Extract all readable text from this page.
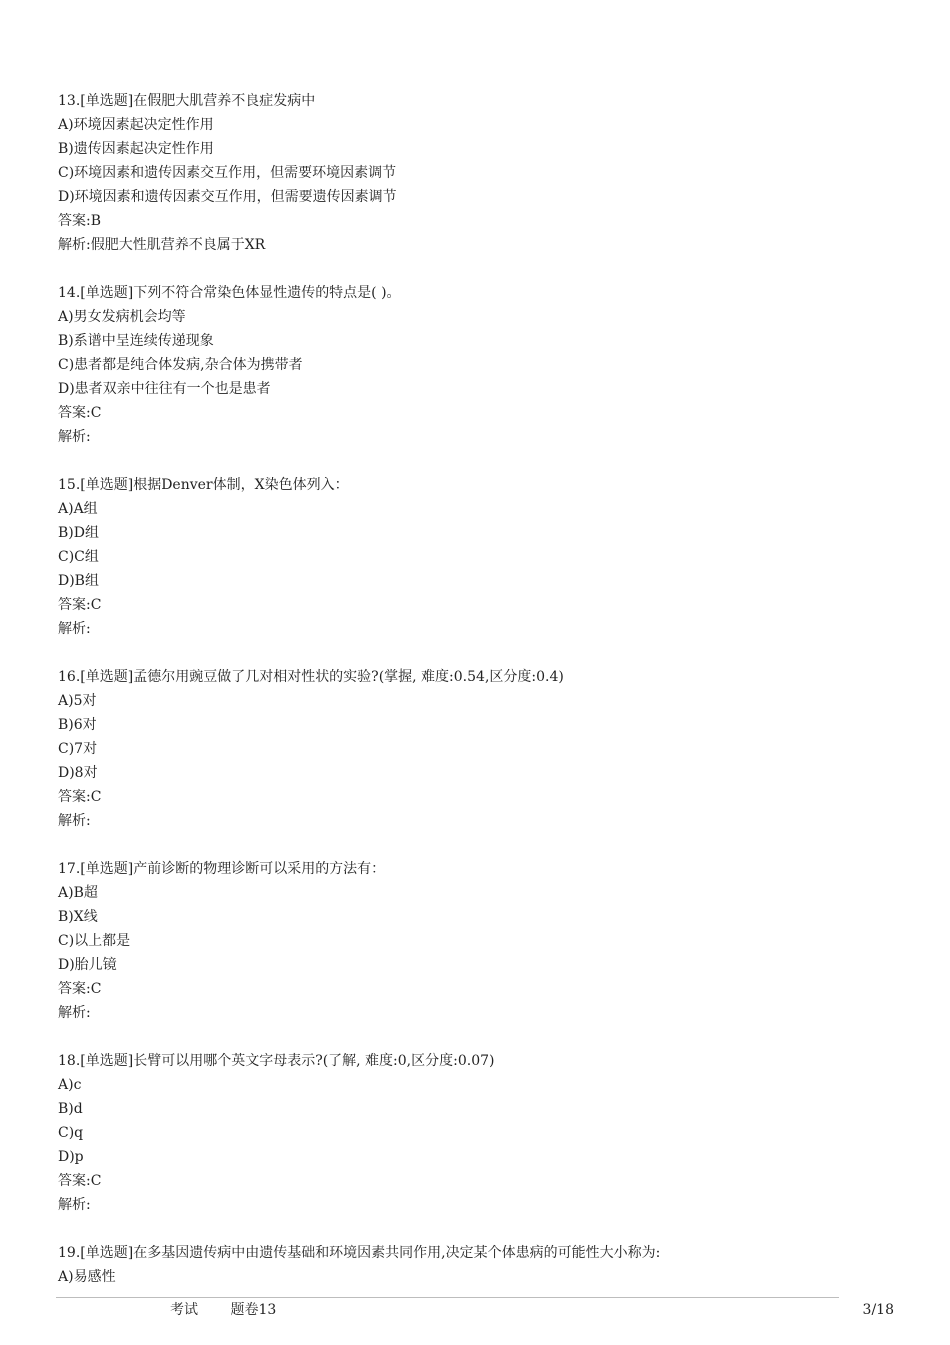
13.[单选题]在假肥大肌营养不良症发病中
A)环境因素起决定性作用
B)遗传因素起决定性作用
C)环境因素和遗传因素交互作用，但需要环境因素调节
D)环境因素和遗传因素交互作用，但需要遗传因素调节
答案:B
解析:假肥大性肌营养不良属于XR
14.[单选题]下列不符合常染色体显性遗传的特点是( )。
A)男女发病机会均等
B)系谱中呈连续传递现象
C)患者都是纯合体发病,杂合体为携带者
D)患者双亲中往往有一个也是患者
答案:C
解析:
15.[单选题]根据Denver体制，X染色体列入：
A)A组
B)D组
C)C组
D)B组
答案:C
解析:
16.[单选题]孟德尔用豌豆做了几对相对性状的实验?(掌握, 难度:0.54,区分度:0.4)
A)5对
B)6对
C)7对
D)8对
答案:C
解析:
17.[单选题]产前诊断的物理诊断可以采用的方法有：
A)B超
B)X线
C)以上都是
D)胎儿镜
答案:C
解析:
18.[单选题]长臂可以用哪个英文字母表示?(了解, 难度:0,区分度:0.07)
A)c
B)d
C)q
D)p
答案:C
解析:
19.[单选题]在多基因遗传病中由遗传基础和环境因素共同作用,决定某个体患病的可能性大小称为:
A)易感性
考试 题卷13	3/18
